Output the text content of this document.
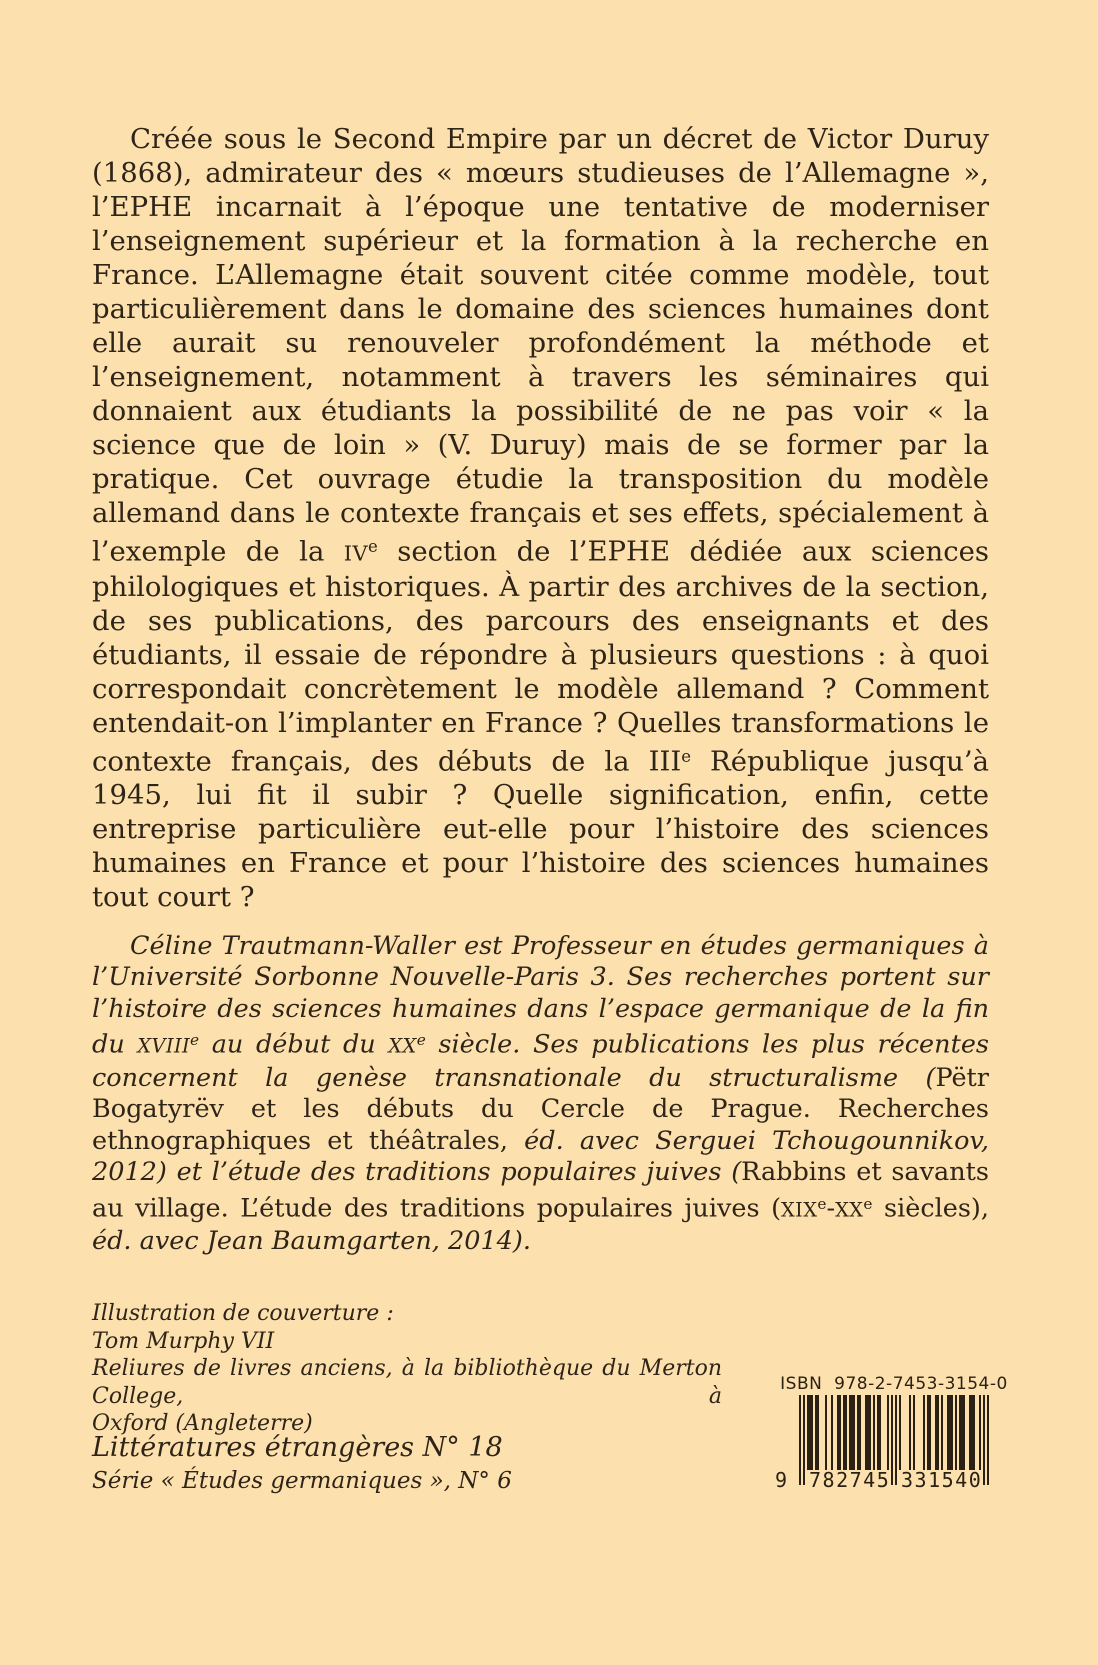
Créée sous le Second Empire par un décret de Victor Duruy (1868), admirateur des « mœurs studieuses de l’Allemagne », l’EPHE incarnait à l’époque une tentative de moderniser l’enseignement supérieur et la formation à la recherche en France. L’Allemagne était souvent citée comme modèle, tout particulièrement dans le domaine des sciences humaines dont elle aurait su renouveler profondément la méthode et l’enseignement, notamment à travers les séminaires qui donnaient aux étudiants la possibilité de ne pas voir « la science que de loin » (V. Duruy) mais de se former par la pratique. Cet ouvrage étudie la transposition du modèle allemand dans le contexte français et ses effets, spécialement à l’exemple de la IVe section de l’EPHE dédiée aux sciences philologiques et historiques. À partir des archives de la section, de ses publications, des parcours des enseignants et des étudiants, il essaie de répondre à plusieurs questions : à quoi correspondait concrètement le modèle allemand ? Comment entendait-on l’implanter en France ? Quelles transformations le contexte français, des débuts de la IIIe République jusqu’à 1945, lui fit il subir ? Quelle signification, enfin, cette entreprise particulière eut-elle pour l’histoire des sciences humaines en France et pour l’histoire des sciences humaines tout court ?

Céline Trautmann-Waller est Professeur en études germaniques à l’Université Sorbonne Nouvelle-Paris 3. Ses recherches portent sur l’histoire des sciences humaines dans l’espace germanique de la fin du XVIIIe au début du XXe siècle. Ses publications les plus récentes concernent la genèse transnationale du structuralisme (Pëtr Bogatyrëv et les débuts du Cercle de Prague. Recherches ethnographiques et théâtrales, éd. avec Serguei Tchougounnikov, 2012) et l’étude des traditions populaires juives (Rabbins et savants au village. L’étude des traditions populaires juives (XIXe-XXe siècles), éd. avec Jean Baumgarten, 2014).

Illustration de couverture :
Tom Murphy VII
Reliures de livres anciens, à la bibliothèque du Merton College, à
Oxford (Angleterre)
Littératures étrangères N° 18
Série « Études germaniques », N° 6
ISBN  978-2-7453-3154-0
9 782745 331540
